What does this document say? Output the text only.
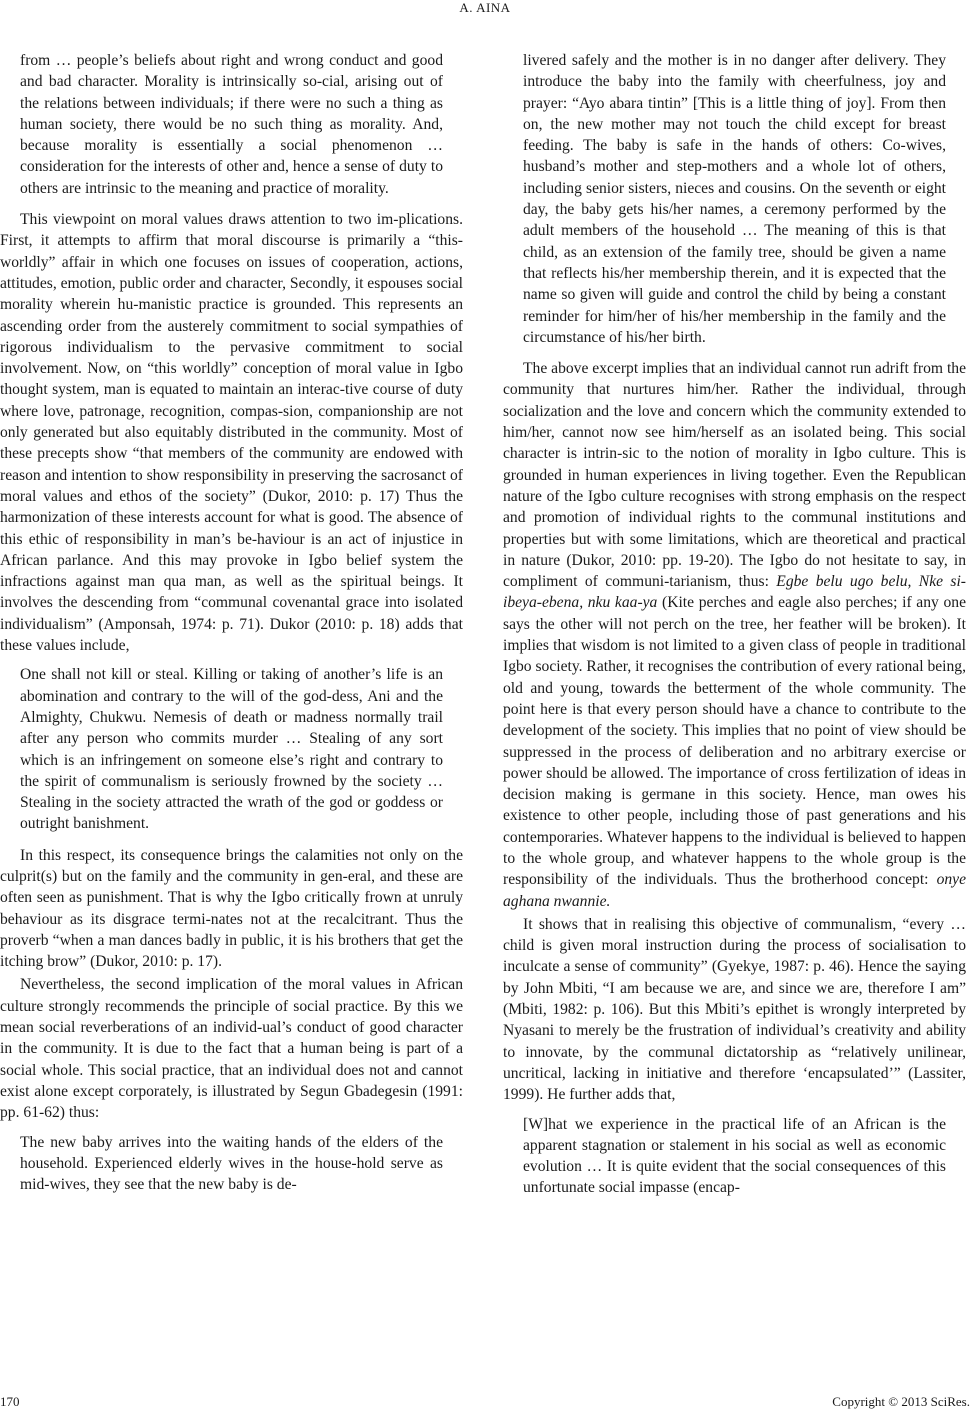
A. AINA
from … people’s beliefs about right and wrong conduct and good and bad character. Morality is intrinsically so-cial, arising out of the relations between individuals; if there were no such a thing as human society, there would be no such thing as morality. And, because morality is essentially a social phenomenon … consideration for the interests of other and, hence a sense of duty to others are intrinsic to the meaning and practice of morality.

This viewpoint on moral values draws attention to two im-plications. First, it attempts to affirm that moral discourse is primarily a “this-worldly” affair in which one focuses on issues of cooperation, actions, attitudes, emotion, public order and character, Secondly, it espouses social morality wherein hu-manistic practice is grounded. This represents an ascending order from the austerely commitment to social sympathies of rigorous individualism to the pervasive commitment to social involvement. Now, on “this worldly” conception of moral value in Igbo thought system, man is equated to maintain an interac-tive course of duty where love, patronage, recognition, compas-sion, companionship are not only generated but also equitably distributed in the community. Most of these precepts show “that members of the community are endowed with reason and intention to show responsibility in preserving the sacrosanct of moral values and ethos of the society” (Dukor, 2010: p. 17) Thus the harmonization of these interests account for what is good. The absence of this ethic of responsibility in man’s be-haviour is an act of injustice in African parlance. And this may provoke in Igbo belief system the infractions against man qua man, as well as the spiritual beings. It involves the descending from “communal covenantal grace into isolated individualism” (Amponsah, 1974: p. 71). Dukor (2010: p. 18) adds that these values include,

One shall not kill or steal. Killing or taking of another’s life is an abomination and contrary to the will of the god-dess, Ani and the Almighty, Chukwu. Nemesis of death or madness normally trail after any person who commits murder … Stealing of any sort which is an infringement on someone else’s right and contrary to the spirit of communalism is seriously frowned by the society … Stealing in the society attracted the wrath of the god or goddess or outright banishment.

In this respect, its consequence brings the calamities not only on the culprit(s) but on the family and the community in gen-eral, and these are often seen as punishment. That is why the Igbo critically frown at unruly behaviour as its disgrace termi-nates not at the recalcitrant. Thus the proverb “when a man dances badly in public, it is his brothers that get the itching brow” (Dukor, 2010: p. 17).

Nevertheless, the second implication of the moral values in African culture strongly recommends the principle of social practice. By this we mean social reverberations of an individ-ual’s conduct of good character in the community. It is due to the fact that a human being is part of a social whole. This social practice, that an individual does not and cannot exist alone except corporately, is illustrated by Segun Gbadegesin (1991: pp. 61-62) thus:

The new baby arrives into the waiting hands of the elders of the household. Experienced elderly wives in the house-hold serve as mid-wives, they see that the new baby is de-
livered safely and the mother is in no danger after delivery. They introduce the baby into the family with cheerfulness, joy and prayer: “Ayo abara tintin” [This is a little thing of joy]. From then on, the new mother may not touch the child except for breast feeding. The baby is safe in the hands of others: Co-wives, husband’s mother and step-mothers and a whole lot of others, including senior sisters, nieces and cousins. On the seventh or eight day, the baby gets his/her names, a ceremony performed by the adult members of the household … The meaning of this is that child, as an extension of the family tree, should be given a name that reflects his/her membership therein, and it is expected that the name so given will guide and control the child by being a constant reminder for him/her of his/her membership in the family and the circumstance of his/her birth.

The above excerpt implies that an individual cannot run adrift from the community that nurtures him/her. Rather the individual, through socialization and the love and concern which the community extended to him/her, cannot now see him/herself as an isolated being. This social character is intrin-sic to the notion of morality in Igbo culture. This is grounded in human experiences in living together. Even the Republican nature of the Igbo culture recognises with strong emphasis on the respect and promotion of individual rights to the communal institutions and properties but with some limitations, which are theoretical and practical in nature (Dukor, 2010: pp. 19-20). The Igbo do not hesitate to say, in compliment of communi-tarianism, thus: Egbe belu ugo belu, Nke si-ibeya-ebena, nku kaa-ya (Kite perches and eagle also perches; if any one says the other will not perch on the tree, her feather will be broken). It implies that wisdom is not limited to a given class of people in traditional Igbo society. Rather, it recognises the contribution of every rational being, old and young, towards the betterment of the whole community. The point here is that every person should have a chance to contribute to the development of the society. This implies that no point of view should be suppressed in the process of deliberation and no arbitrary exercise or power should be allowed. The importance of cross fertilization of ideas in decision making is germane in this society. Hence, man owes his existence to other people, including those of past generations and his contemporaries. Whatever happens to the individual is believed to happen to the whole group, and whatever happens to the whole group is the responsibility of the individuals. Thus the brotherhood concept: onye aghana nwannie.

It shows that in realising this objective of communalism, “every … child is given moral instruction during the process of socialisation to inculcate a sense of community” (Gyekye, 1987: p. 46). Hence the saying by John Mbiti, “I am because we are, and since we are, therefore I am” (Mbiti, 1982: p. 106). But this Mbiti’s epithet is wrongly interpreted by Nyasani to merely be the frustration of individual’s creativity and ability to innovate, by the communal dictatorship as “relatively unilinear, uncritical, lacking in initiative and therefore ‘encapsulated’” (Lassiter, 1999). He further adds that,

[W]hat we experience in the practical life of an African is the apparent stagnation or stalement in his social as well as economic evolution … It is quite evident that the social consequences of this unfortunate social impasse (encap-
170	Copyright © 2013 SciRes.
